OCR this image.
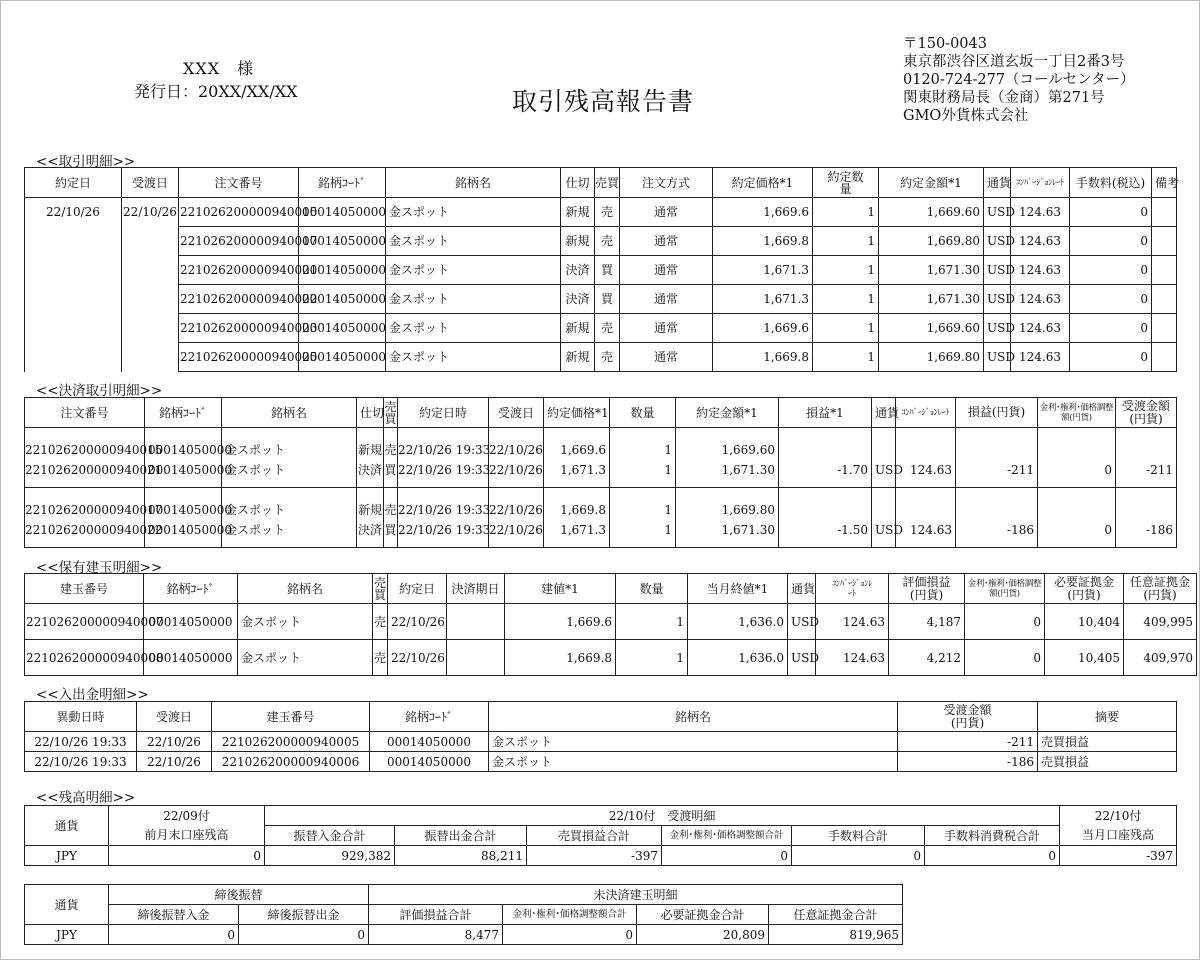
XXX　様
発行日：20XX/XX/XX	取引残高報告書
〒150-0043
東京都渋谷区道玄坂一丁目2番3号
0120-724-277（コールセンター）
関東財務局長（金商）第271号
GMO外貨株式会社
<<取引明細>>
約定日	受渡日	注文番号	銘柄ｺｰﾄﾞ	銘柄名	仕切	売買	注文方式	約定価格*1	約定数量	約定金額*1	通貨	ｺﾝﾊﾞｰｼﾞｮﾝﾚｰﾄ	手数料(税込)	備考
22/10/26	22/10/26	221026200000940015	00014050000	金スポット	新規	売	通常	1,669.6	1	1,669.60	USD	124.63	0	
		221026200000940017	00014050000	金スポット	新規	売	通常	1,669.8	1	1,669.80	USD	124.63	0	
		221026200000940021	00014050000	金スポット	決済	買	通常	1,671.3	1	1,671.30	USD	124.63	0	
		221026200000940022	00014050000	金スポット	決済	買	通常	1,671.3	1	1,671.30	USD	124.63	0	
		221026200000940023	00014050000	金スポット	新規	売	通常	1,669.6	1	1,669.60	USD	124.63	0	
		221026200000940025	00014050000	金スポット	新規	売	通常	1,669.8	1	1,669.80	USD	124.63	0	
<<決済取引明細>>
注文番号	銘柄ｺｰﾄﾞ	銘柄名	仕切	売買	約定日時	受渡日	約定価格*1	数量	約定金額*1	損益*1	通貨	ｺﾝﾊﾞｰｼﾞｮﾝﾚｰﾄ	損益(円貨)	金利･権利･価格調整額(円貨)	受渡金額(円貨)
221026200000940015	00014050000	金スポット	新規	売	22/10/26 19:33	22/10/26	1,669.6	1	1,669.60						
221026200000940021	00014050000	金スポット	決済	買	22/10/26 19:33	22/10/26	1,671.3	1	1,671.30	-1.70	USD	124.63	-211	0	-211
221026200000940017	00014050000	金スポット	新規	売	22/10/26 19:33	22/10/26	1,669.8	1	1,669.80						
221026200000940022	00014050000	金スポット	決済	買	22/10/26 19:33	22/10/26	1,671.3	1	1,671.30	-1.50	USD	124.63	-186	0	-186
<<保有建玉明細>>
建玉番号	銘柄ｺｰﾄﾞ	銘柄名	売買	約定日	決済期日	建値*1	数量	当月終値*1	通貨	ｺﾝﾊﾞｰｼﾞｮﾝﾚｰﾄ	評価損益(円貨)	金利･権利･価格調整額(円貨)	必要証拠金(円貨)	任意証拠金(円貨)
221026200000940007	00014050000	金スポット	売	22/10/26		1,669.6	1	1,636.0	USD	124.63	4,187	0	10,404	409,995
221026200000940008	00014050000	金スポット	売	22/10/26		1,669.8	1	1,636.0	USD	124.63	4,212	0	10,405	409,970
<<入出金明細>>
異動日時	受渡日	建玉番号	銘柄ｺｰﾄﾞ	銘柄名	受渡金額(円貨)	摘要
22/10/26 19:33	22/10/26	221026200000940005	00014050000	金スポット	-211	売買損益
22/10/26 19:33	22/10/26	221026200000940006	00014050000	金スポット	-186	売買損益
<<残高明細>>
通貨	22/09付	22/10付　受渡明細						22/10付
	前月末口座残高	振替入金合計	振替出金合計	売買損益合計	金利･権利･価格調整額合計	手数料合計	手数料消費税合計	当月口座残高
JPY	0	929,382	88,211	-397	0	0	0	-397
通貨	締後振替		未決済建玉明細			
	締後振替入金	締後振替出金	評価損益合計	金利･権利･価格調整額合計	必要証拠金合計	任意証拠金合計
JPY	0	0	8,477	0	20,809	819,965
